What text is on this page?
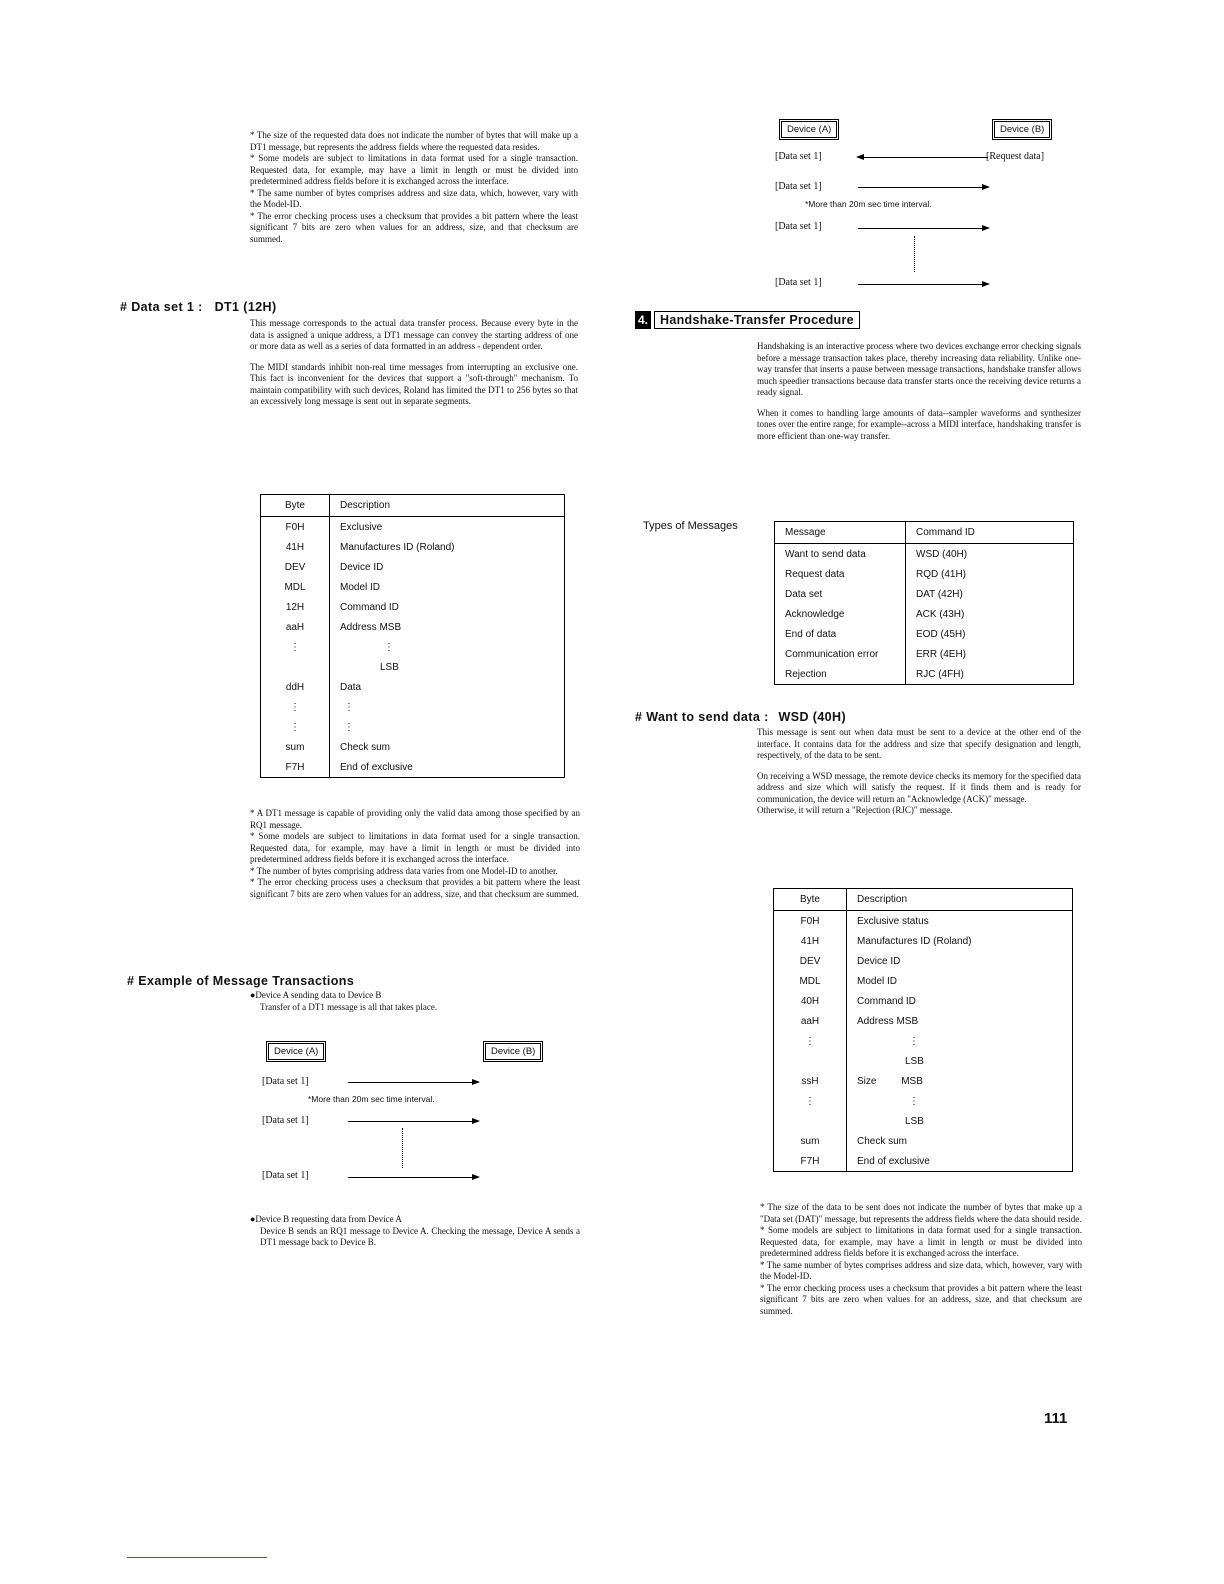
* The size of the requested data does not indicate the number of bytes that will make up a DT1 message, but represents the address fields where the requested data resides.

* Some models are subject to limitations in data format used for a single transaction. Requested data, for example, may have a limit in length or must be divided into predetermined address fields before it is exchanged across the interface.

* The same number of bytes comprises address and size data, which, however, vary with the Model-ID.

* The error checking process uses a checksum that provides a bit pattern where the least significant 7 bits are zero when values for an address, size, and that checksum are summed.

# Data set 1 : DT1 (12H)

This message corresponds to the actual data transfer process. Because every byte in the data is assigned a unique address, a DT1 message can convey the starting address of one or more data as well as a series of data formatted in an address - dependent order.

The MIDI standards inhibit non-real time messages from interrupting an exclusive one. This fact is inconvenient for the devices that support a "soft-through" mechanism. To maintain compatibility with such devices, Roland has limited the DT1 to 256 bytes so that an excessively long message is sent out in separate segments.

Byte	Description
F0H	Exclusive
41H	Manufactures ID (Roland)
DEV	Device ID
MDL	Model ID
12H	Command ID
aaH	Address MSB
⋮	⋮
	LSB
ddH	Data
⋮	⋮
⋮	⋮
sum	Check sum
F7H	End of exclusive

* A DT1 message is capable of providing only the valid data among those specified by an RQ1 message.

* Some models are subject to limitations in data format used for a single transaction. Requested data, for example, may have a limit in length or must be divided into predetermined address fields before it is exchanged across the interface.

* The number of bytes comprising address data varies from one Model-ID to another.

* The error checking process uses a checksum that provides a bit pattern where the least significant 7 bits are zero when values for an address, size, and that checksum are summed.

# Example of Message Transactions
●Device A sending data to Device B
Transfer of a DT1 message is all that takes place.
Device (A)	Device (B)
[Data set 1]
*More than 20m sec time interval.
[Data set 1]
[Data set 1]
●Device B requesting data from Device A
Device B sends an RQ1 message to Device A. Checking the message, Device A sends a DT1 message back to Device B.
Device (A)	Device (B)
[Data set 1]	[Request data]
[Data set 1]
*More than 20m sec time interval.
[Data set 1]
[Data set 1]
4. Handshake-Transfer Procedure

Handshaking is an interactive process where two devices exchange error checking signals before a message transaction takes place, thereby increasing data reliability. Unlike one-way transfer that inserts a pause between message transactions, handshake transfer allows much speedier transactions because data transfer starts once the receiving device returns a ready signal.

When it comes to handling large amounts of data--sampler waveforms and synthesizer tones over the entire range, for example--across a MIDI interface, handshaking transfer is more efficient than one-way transfer.

Types of Messages
Message	Command ID
Want to send data	WSD (40H)
Request data	RQD (41H)
Data set	DAT (42H)
Acknowledge	ACK (43H)
End of data	EOD (45H)
Communication error	ERR (4EH)
Rejection	RJC (4FH)
# Want to send data : WSD (40H)

This message is sent out when data must be sent to a device at the other end of the interface. It contains data for the address and size that specify designation and length, respectively, of the data to be sent.

On receiving a WSD message, the remote device checks its memory for the specified data address and size which will satisfy the request. If it finds them and is ready for communication, the device will return an "Acknowledge (ACK)" message.

Otherwise, it will return a "Rejection (RJC)" message.

Byte	Description
F0H	Exclusive status
41H	Manufactures ID (Roland)
DEV	Device ID
MDL	Model ID
40H	Command ID
aaH	Address MSB
⋮	⋮
	LSB
ssH	Size MSB
⋮	⋮
	LSB
sum	Check sum
F7H	End of exclusive

* The size of the data to be sent does not indicate the number of bytes that make up a "Data set (DAT)" message, but represents the address fields where the data should reside.

* Some models are subject to limitations in data format used for a single transaction. Requested data, for example, may have a limit in length or must be divided into predetermined address fields before it is exchanged across the interface.

* The same number of bytes comprises address and size data, which, however, vary with the Model-ID.

* The error checking process uses a checksum that provides a bit pattern where the least significant 7 bits are zero when values for an address, size, and that checksum are summed.

111
